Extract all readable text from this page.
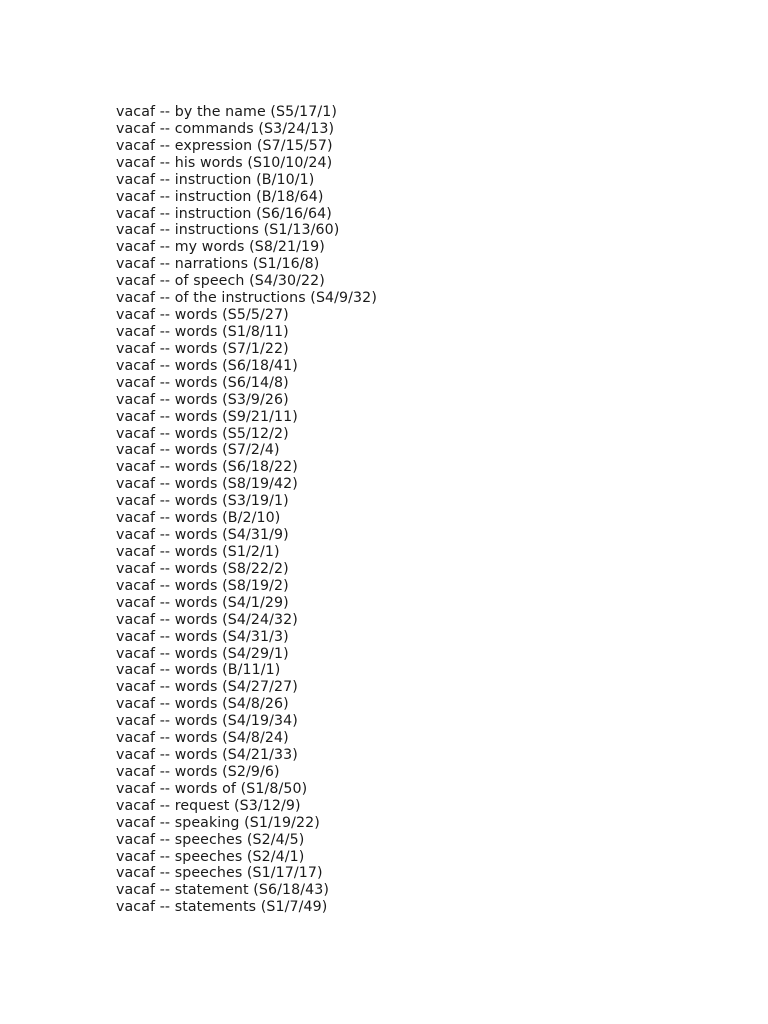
vacaf -- by the name (S5/17/1)
vacaf -- commands (S3/24/13)
vacaf -- expression (S7/15/57)
vacaf -- his words (S10/10/24)
vacaf -- instruction (B/10/1)
vacaf -- instruction (B/18/64)
vacaf -- instruction (S6/16/64)
vacaf -- instructions (S1/13/60)
vacaf -- my words (S8/21/19)
vacaf -- narrations (S1/16/8)
vacaf -- of speech (S4/30/22)
vacaf -- of the instructions (S4/9/32)
vacaf -- words (S5/5/27)
vacaf -- words (S1/8/11)
vacaf -- words (S7/1/22)
vacaf -- words (S6/18/41)
vacaf -- words (S6/14/8)
vacaf -- words (S3/9/26)
vacaf -- words (S9/21/11)
vacaf -- words (S5/12/2)
vacaf -- words (S7/2/4)
vacaf -- words (S6/18/22)
vacaf -- words (S8/19/42)
vacaf -- words (S3/19/1)
vacaf -- words (B/2/10)
vacaf -- words (S4/31/9)
vacaf -- words (S1/2/1)
vacaf -- words (S8/22/2)
vacaf -- words (S8/19/2)
vacaf -- words (S4/1/29)
vacaf -- words (S4/24/32)
vacaf -- words (S4/31/3)
vacaf -- words (S4/29/1)
vacaf -- words (B/11/1)
vacaf -- words (S4/27/27)
vacaf -- words (S4/8/26)
vacaf -- words (S4/19/34)
vacaf -- words (S4/8/24)
vacaf -- words (S4/21/33)
vacaf -- words (S2/9/6)
vacaf -- words of (S1/8/50)
vacaf -- request (S3/12/9)
vacaf -- speaking (S1/19/22)
vacaf -- speeches (S2/4/5)
vacaf -- speeches (S2/4/1)
vacaf -- speeches (S1/17/17)
vacaf -- statement (S6/18/43)
vacaf -- statements (S1/7/49)
